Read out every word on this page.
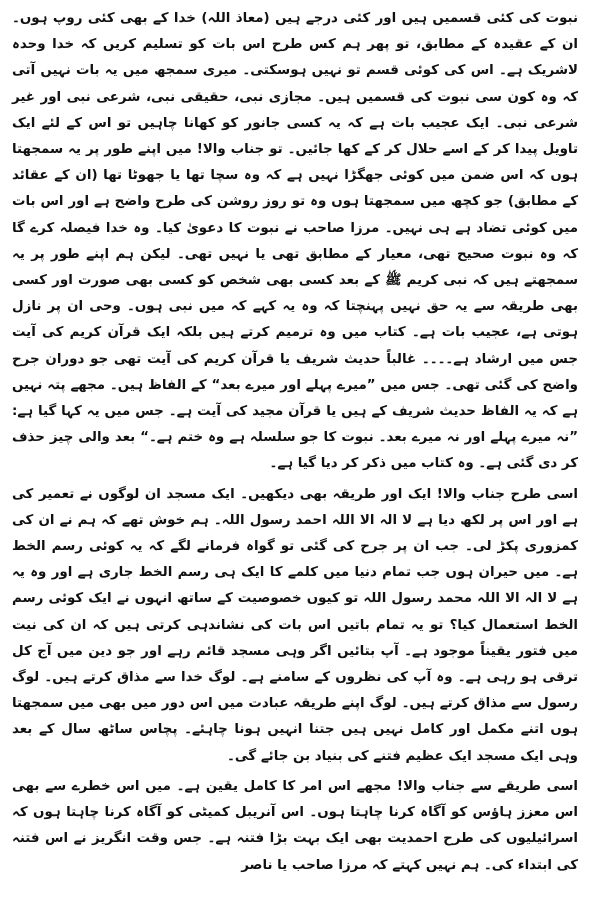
نبوت کی کئی قسمیں ہیں اور کئی درجے ہیں (معاذ اللہ) خدا کے بھی کئی روپ ہوں۔ ان کے عقیدہ کے مطابق، تو پھر ہم کس طرح اس بات کو تسلیم کریں کہ خدا وحدہ لاشریک ہے۔ اس کی کوئی قسم تو نہیں ہوسکتی۔ میری سمجھ میں یہ بات نہیں آتی کہ وہ کون سی نبوت کی قسمیں ہیں۔ مجازی نبی، حقیقی نبی، شرعی نبی اور غیر شرعی نبی۔ ایک عجیب بات ہے کہ یہ کسی جانور کو کھانا چاہیں تو اس کے لئے ایک تاویل پیدا کر کے اسے حلال کر کے کھا جائیں۔ تو جناب والا! میں اپنے طور پر یہ سمجھتا ہوں کہ اس ضمن میں کوئی جھگڑا نہیں ہے کہ وہ سچا تھا یا جھوٹا تھا (ان کے عقائد کے مطابق) جو کچھ میں سمجھتا ہوں وہ تو روز روشن کی طرح واضح ہے اور اس بات میں کوئی تضاد ہے ہی نہیں۔ مرزا صاحب نے نبوت کا دعویٰ کیا۔ وہ خدا فیصلہ کرے گا کہ وہ نبوت صحیح تھی، معیار کے مطابق تھی یا نہیں تھی۔ لیکن ہم اپنے طور پر یہ سمجھتے ہیں کہ نبی کریم ﷺ کے بعد کسی بھی شخص کو کسی بھی صورت اور کسی بھی طریقہ سے یہ حق نہیں پہنچتا کہ وہ یہ کہے کہ میں نبی ہوں۔ وحی ان پر نازل ہوتی ہے، عجیب بات ہے۔ کتاب میں وہ ترمیم کرتے ہیں بلکہ ایک قرآن کریم کی آیت جس میں ارشاد ہے۔۔۔۔ غالباً حدیث شریف یا قرآن کریم کی آیت تھی جو دوران جرح واضح کی گئی تھی۔ جس میں ”میرے پہلے اور میرے بعد“ کے الفاظ ہیں۔ مجھے پتہ نہیں ہے کہ یہ الفاظ حدیث شریف کے ہیں یا قرآن مجید کی آیت ہے۔ جس میں یہ کہا گیا ہے: ”نہ میرے پہلے اور نہ میرے بعد۔ نبوت کا جو سلسلہ ہے وہ ختم ہے۔“ بعد والی چیز حذف کر دی گئی ہے۔ وہ کتاب میں ذکر کر دیا گیا ہے۔

اسی طرح جناب والا! ایک اور طریقہ بھی دیکھیں۔ ایک مسجد ان لوگوں نے تعمیر کی ہے اور اس پر لکھ دیا ہے لا الہ الا اللہ احمد رسول اللہ۔ ہم خوش تھے کہ ہم نے ان کی کمزوری پکڑ لی۔ جب ان پر جرح کی گئی تو گواہ فرمانے لگے کہ یہ کوئی رسم الخط ہے۔ میں حیران ہوں جب تمام دنیا میں کلمے کا ایک ہی رسم الخط جاری ہے اور وہ یہ ہے لا الہ الا اللہ محمد رسول اللہ تو کیوں خصوصیت کے ساتھ انہوں نے ایک کوئی رسم الخط استعمال کیا؟ تو یہ تمام باتیں اس بات کی نشاندہی کرتی ہیں کہ ان کی نیت میں فتور یقیناً موجود ہے۔ آپ بتائیں اگر وہی مسجد قائم رہے اور جو دین میں آج کل ترقی ہو رہی ہے۔ وہ آپ کی نظروں کے سامنے ہے۔ لوگ خدا سے مذاق کرتے ہیں۔ لوگ رسول سے مذاق کرتے ہیں۔ لوگ اپنے طریقہ عبادت میں اس دور میں بھی میں سمجھتا ہوں اتنے مکمل اور کامل نہیں ہیں جتنا انہیں ہونا چاہئے۔ پچاس ساٹھ سال کے بعد وہی ایک مسجد ایک عظیم فتنے کی بنیاد بن جائے گی۔

اسی طریقے سے جناب والا! مجھے اس امر کا کامل یقین ہے۔ میں اس خطرے سے بھی اس معزز ہاؤس کو آگاہ کرنا چاہتا ہوں۔ اس آنریبل کمیٹی کو آگاہ کرنا چاہتا ہوں کہ اسرائیلیوں کی طرح احمدیت بھی ایک بہت بڑا فتنہ ہے۔ جس وقت انگریز نے اس فتنہ کی ابتداء کی۔ ہم نہیں کہتے کہ مرزا صاحب یا ناصر
